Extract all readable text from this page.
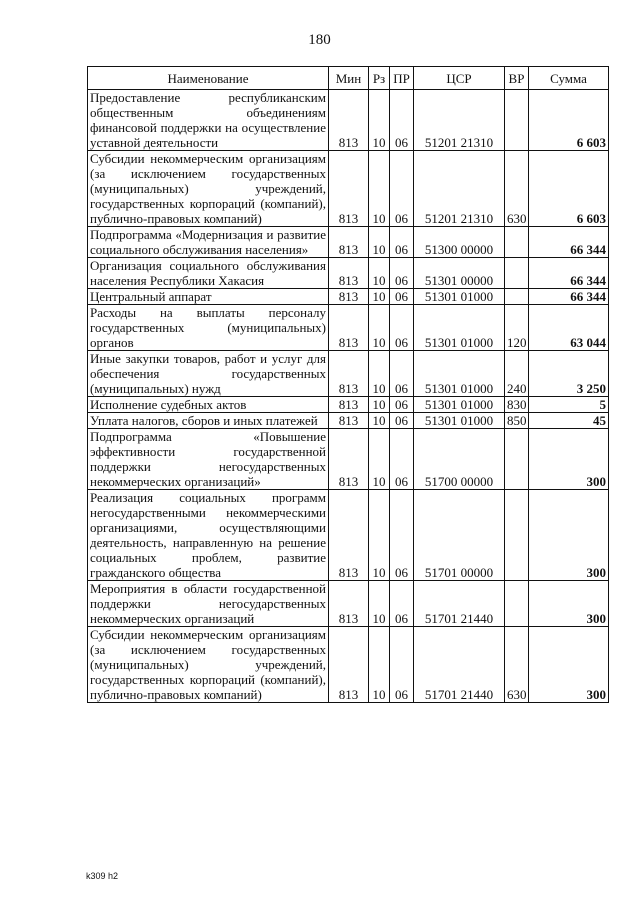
180
Наименование	Мин	Рз	ПР	ЦСР	ВР	Сумма
Предоставление республиканским общественным объединениям финансовой поддержки на осуществление уставной деятельности	813	10	06	51201 21310		6 603
Субсидии некоммерческим организациям (за исключением государственных (муниципальных) учреждений, государственных корпораций (компаний), публично-правовых компаний)	813	10	06	51201 21310	630	6 603
Подпрограмма «Модернизация и развитие социального обслуживания населения»	813	10	06	51300 00000		66 344
Организация социального обслуживания населения Республики Хакасия	813	10	06	51301 00000		66 344
Центральный аппарат	813	10	06	51301 01000		66 344
Расходы на выплаты персоналу государственных (муниципальных) органов	813	10	06	51301 01000	120	63 044
Иные закупки товаров, работ и услуг для обеспечения государственных (муниципальных) нужд	813	10	06	51301 01000	240	3 250
Исполнение судебных актов	813	10	06	51301 01000	830	5
Уплата налогов, сборов и иных платежей	813	10	06	51301 01000	850	45
Подпрограмма «Повышение эффективности государственной поддержки негосударственных некоммерческих организаций»	813	10	06	51700 00000		300
Реализация социальных программ негосударственными некоммерческими организациями, осуществляющими деятельность, направленную на решение социальных проблем, развитие гражданского общества	813	10	06	51701 00000		300
Мероприятия в области государственной поддержки негосударственных некоммерческих организаций	813	10	06	51701 21440		300
Субсидии некоммерческим организациям (за исключением государственных (муниципальных) учреждений, государственных корпораций (компаний), публично-правовых компаний)	813	10	06	51701 21440	630	300
k309 h2
